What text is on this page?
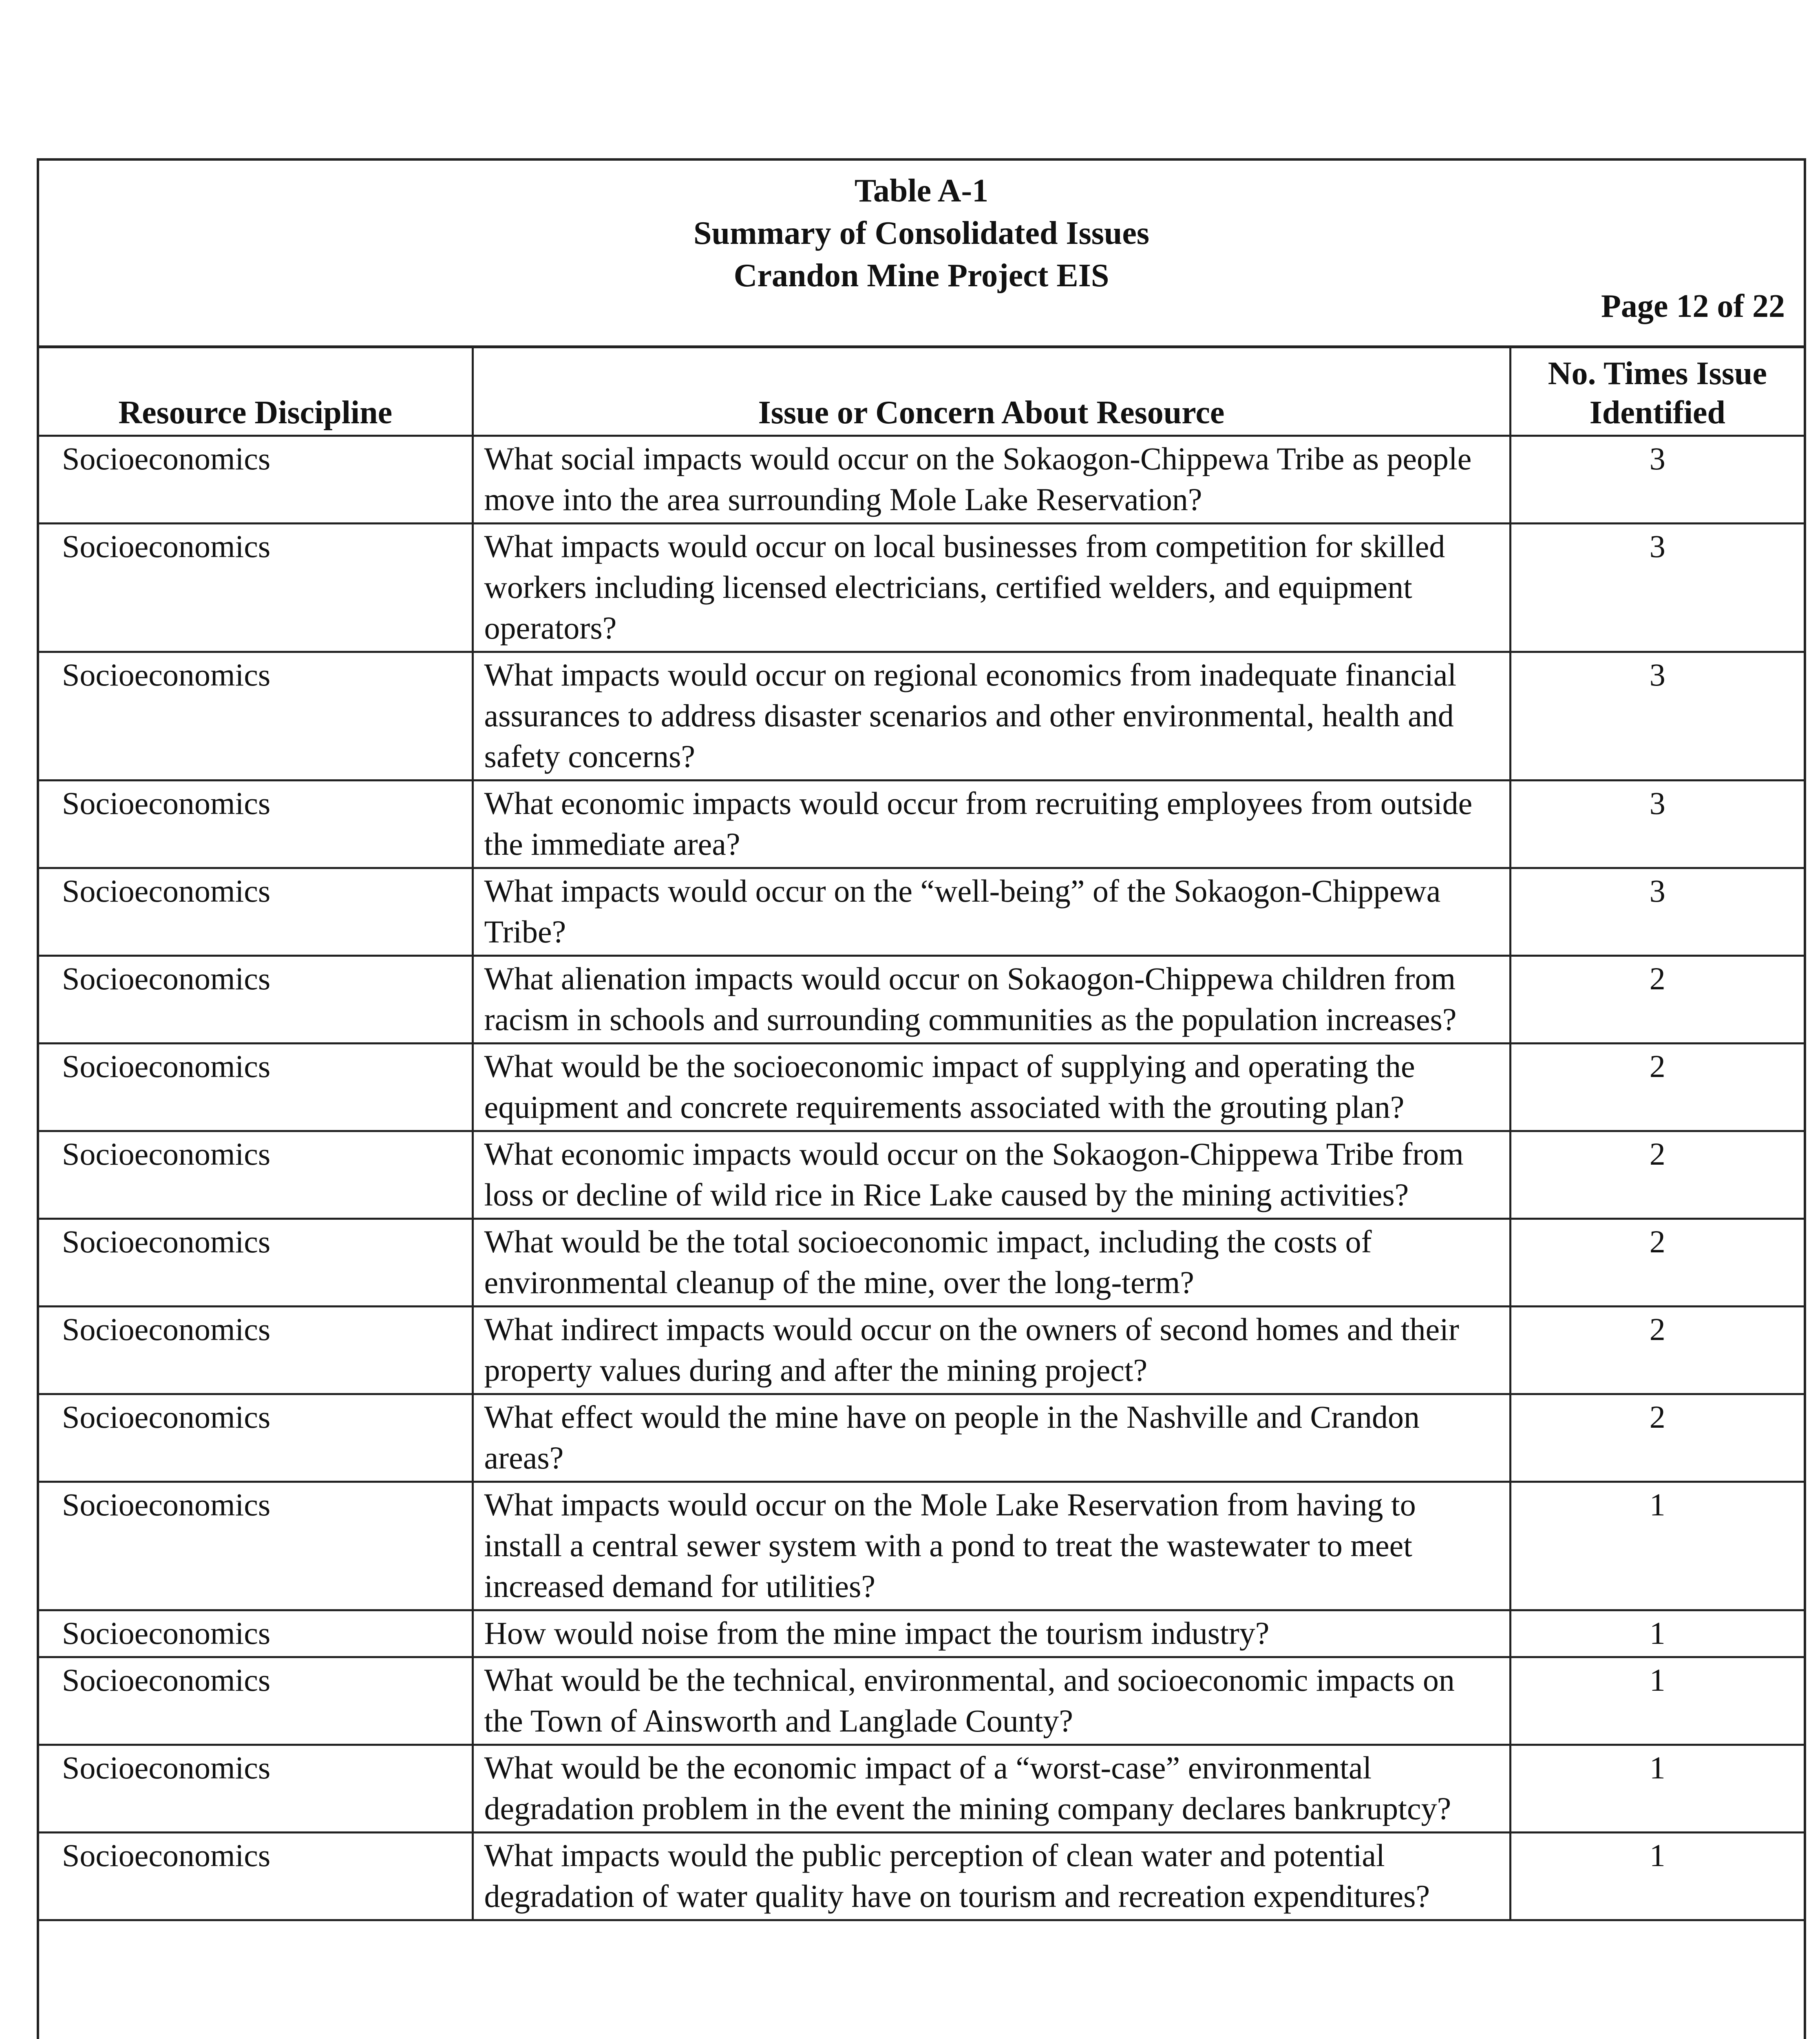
Table A-1
Summary of Consolidated Issues
Crandon Mine Project EIS
Page 12 of 22
Resource Discipline	Issue or Concern About Resource	No. Times Issue
Identified
Socioeconomics	What social impacts would occur on the Sokaogon-Chippewa Tribe as people move into the area surrounding Mole Lake Reservation?	3
Socioeconomics	What impacts would occur on local businesses from competition for skilled workers including licensed electricians, certified welders, and equipment operators?	3
Socioeconomics	What impacts would occur on regional economics from inadequate financial assurances to address disaster scenarios and other environmental, health and safety concerns?	3
Socioeconomics	What economic impacts would occur from recruiting employees from outside the immediate area?	3
Socioeconomics	What impacts would occur on the “well-being” of the Sokaogon-Chippewa Tribe?	3
Socioeconomics	What alienation impacts would occur on Sokaogon-Chippewa children from racism in schools and surrounding communities as the population increases?	2
Socioeconomics	What would be the socioeconomic impact of supplying and operating the equipment and concrete requirements associated with the grouting plan?	2
Socioeconomics	What economic impacts would occur on the Sokaogon-Chippewa Tribe from loss or decline of wild rice in Rice Lake caused by the mining activities?	2
Socioeconomics	What would be the total socioeconomic impact, including the costs of environmental cleanup of the mine, over the long-term?	2
Socioeconomics	What indirect impacts would occur on the owners of second homes and their property values during and after the mining project?	2
Socioeconomics	What effect would the mine have on people in the Nashville and Crandon areas?	2
Socioeconomics	What impacts would occur on the Mole Lake Reservation from having to install a central sewer system with a pond to treat the wastewater to meet increased demand for utilities?	1
Socioeconomics	How would noise from the mine impact the tourism industry?	1
Socioeconomics	What would be the technical, environmental, and socioeconomic impacts on the Town of Ainsworth and Langlade County?	1
Socioeconomics	What would be the economic impact of a “worst-case” environmental degradation problem in the event the mining company declares bankruptcy?	1
Socioeconomics	What impacts would the public perception of clean water and potential degradation of water quality have on tourism and recreation expenditures?	1
